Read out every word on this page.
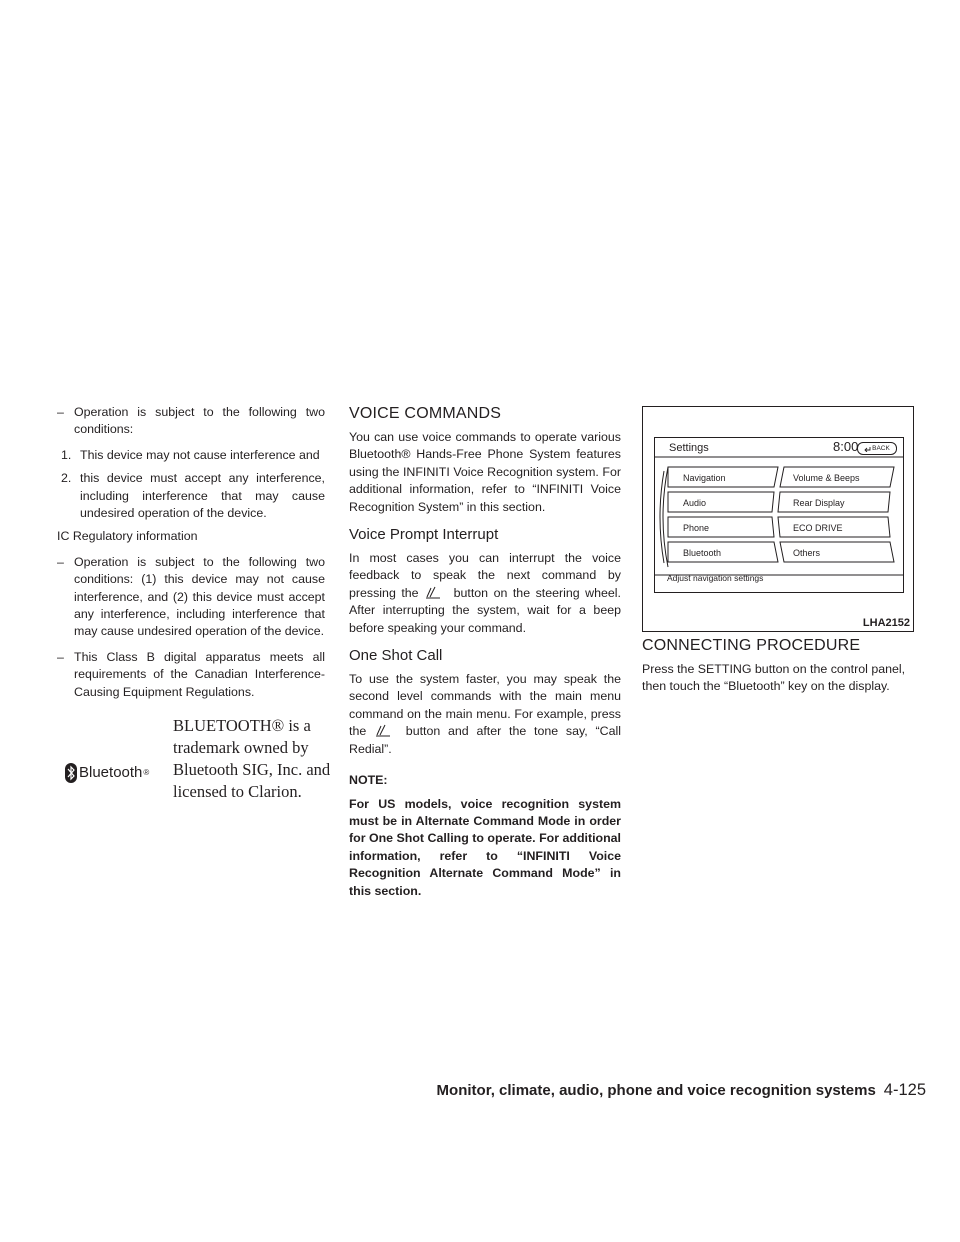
– Operation is subject to the following two conditions:
1. This device may not cause interference and
2. this device must accept any interference, including interference that may cause undesired operation of the device.

IC Regulatory information

– Operation is subject to the following two conditions: (1) this device may not cause interference, and (2) this device must accept any interference, including interference that may cause undesired operation of the device.
– This Class B digital apparatus meets all requirements of the Canadian Interference-Causing Equipment Regulations.
Bluetooth ®
BLUETOOTH® is a trademark owned by Bluetooth SIG, Inc. and licensed to Clarion.
VOICE COMMANDS

You can use voice commands to operate various Bluetooth® Hands-Free Phone System features using the INFINITI Voice Recognition system. For additional information, refer to “INFINITI Voice Recognition System” in this section.

Voice Prompt Interrupt

In most cases you can interrupt the voice feedback to speak the next command by pressing the	button on the steering wheel. After interrupting the system, wait for a beep before speaking your command.

One Shot Call

To use the system faster, you may speak the second level commands with the main menu command on the main menu. For example, press the	button and after the tone say, “Call Redial”.

NOTE:

For US models, voice recognition system must be in Alternate Command Mode in order for One Shot Calling to operate. For additional information, refer to “INFINITI Voice Recognition Alternate Command Mode” in this section.

Settings	8:00 BACK
Navigation
Audio
Phone
Bluetooth
Volume & Beeps
Rear Display
ECO DRIVE
Others
Adjust navigation settings
LHA2152
CONNECTING PROCEDURE

Press the SETTING button on the control panel, then touch the “Bluetooth” key on the display.

Monitor, climate, audio, phone and voice recognition systems 4-125
